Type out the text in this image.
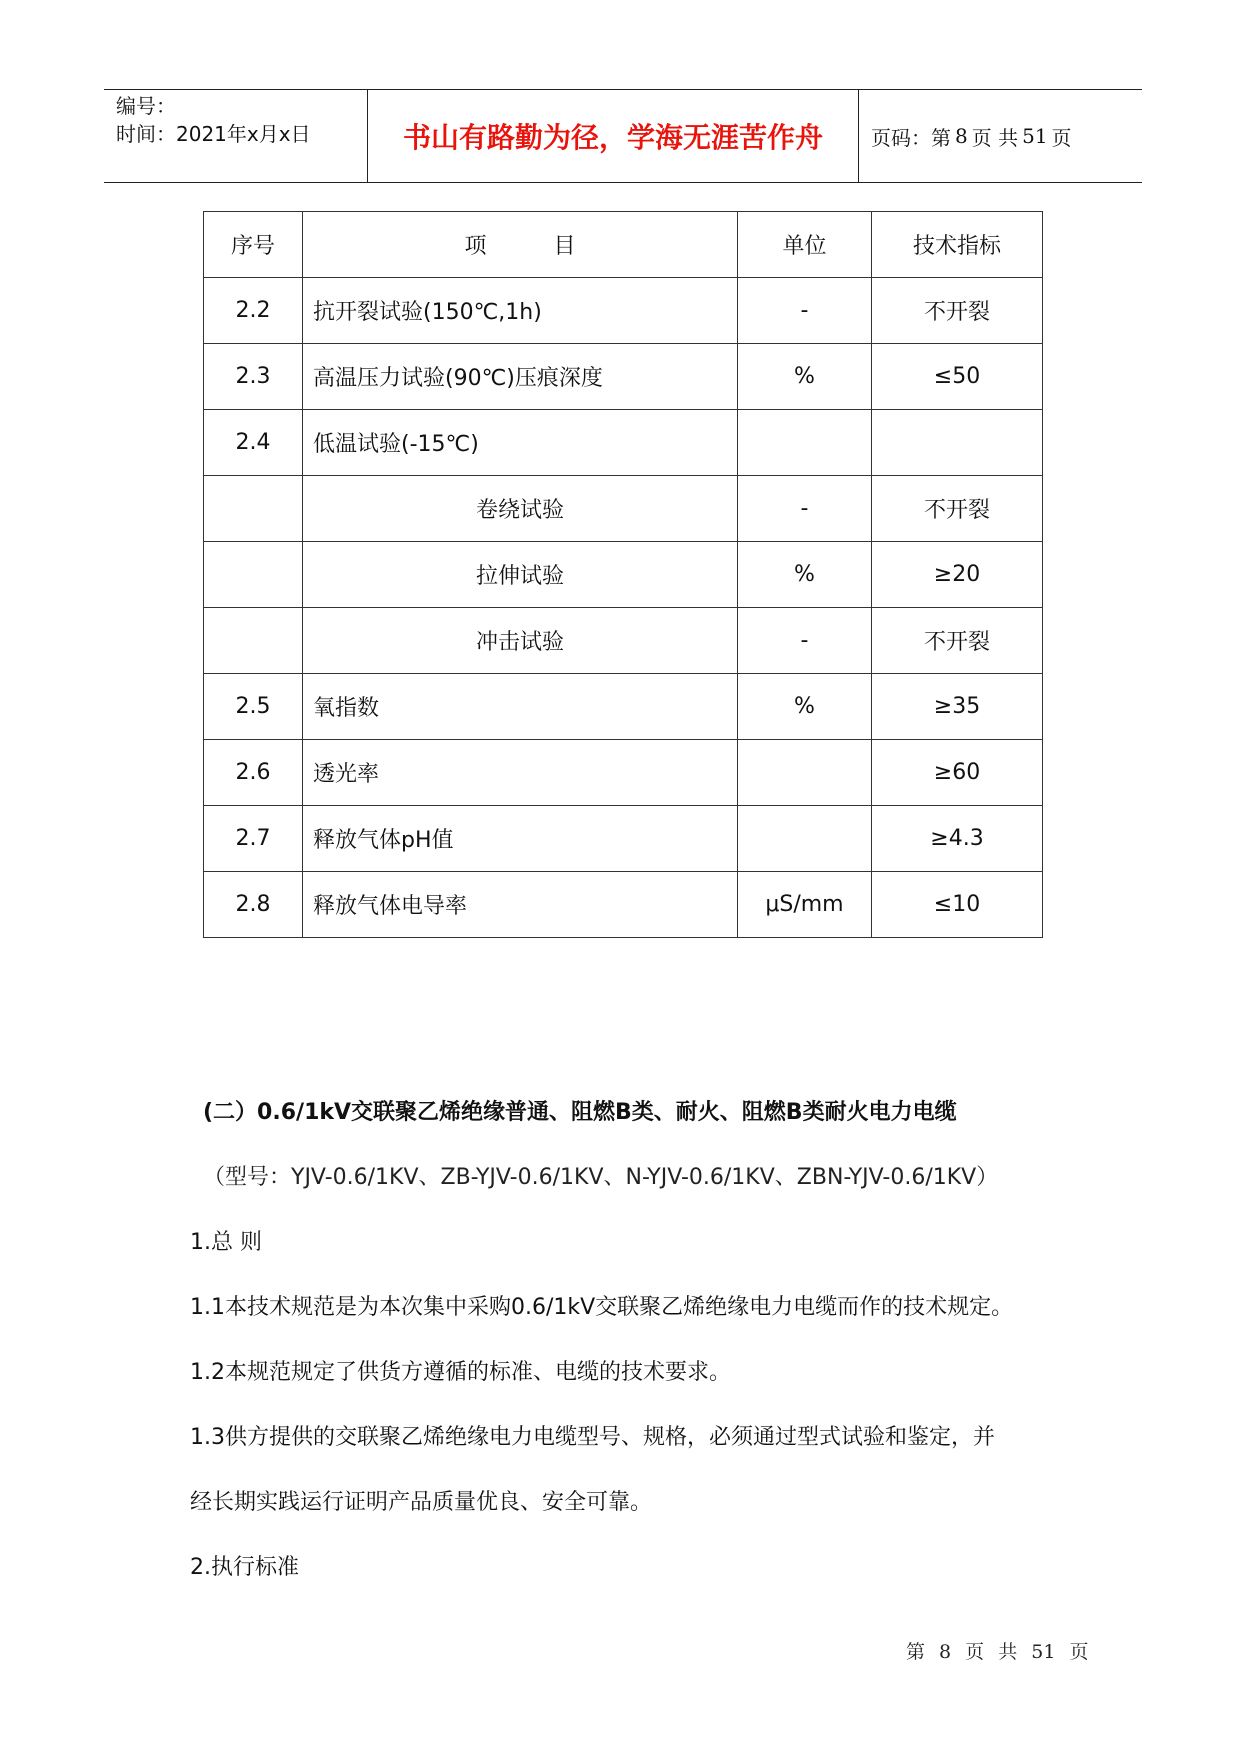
编号：
时间：2021年x月x日	书山有路勤为径，学海无涯苦作舟	页码：第 8 页 共 51 页
序号	项 目	单位	技术指标
2.2	抗开裂试验(150℃,1h)	-	不开裂
2.3	高温压力试验(90℃)压痕深度	%	≤50
2.4	低温试验(-15℃)		
	卷绕试验	-	不开裂
	拉伸试验	%	≥20
	冲击试验	-	不开裂
2.5	氧指数	%	≥35
2.6	透光率		≥60
2.7	释放气体pH值		≥4.3
2.8	释放气体电导率	μS/mm	≤10
(二）0.6/1kV交联聚乙烯绝缘普通、阻燃B类、耐火、阻燃B类耐火电力电缆
（型号：YJV-0.6/1KV、ZB-YJV-0.6/1KV、N-YJV-0.6/1KV、ZBN-YJV-0.6/1KV）
1.总 则
1.1本技术规范是为本次集中采购0.6/1kV交联聚乙烯绝缘电力电缆而作的技术规定。
1.2本规范规定了供货方遵循的标准、电缆的技术要求。
1.3供方提供的交联聚乙烯绝缘电力电缆型号、规格，必须通过型式试验和鉴定，并
经长期实践运行证明产品质量优良、安全可靠。
2.执行标准
第 8 页 共 51 页
